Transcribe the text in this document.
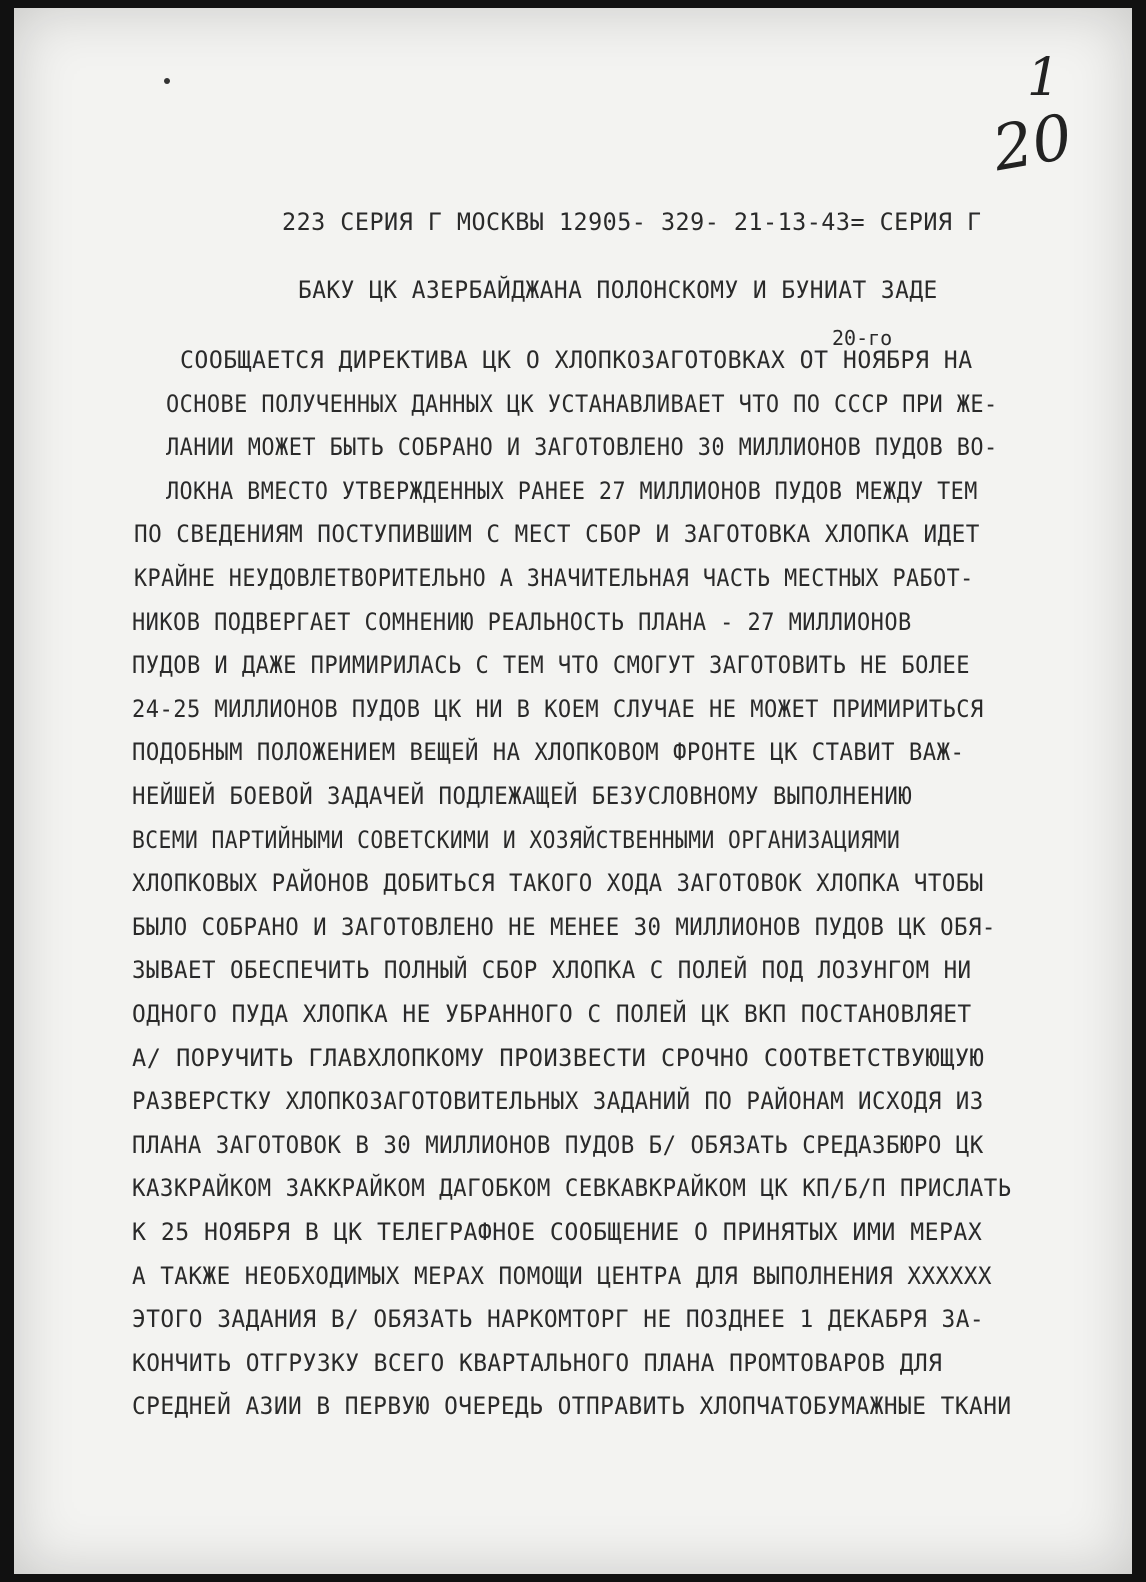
1
20
223 СЕРИЯ Г МОСКВЫ 12905- 329- 21-13-43= СЕРИЯ Г
БАКУ ЦК АЗЕРБАЙДЖАНА ПОЛОНСКОМУ И БУНИАТ ЗАДЕ
20-го
СООБЩАЕТСЯ ДИРЕКТИВА ЦК О ХЛОПКОЗАГОТОВКАХ ОТ НОЯБРЯ НА
ОСНОВЕ ПОЛУЧЕННЫХ ДАННЫХ ЦК УСТАНАВЛИВАЕТ ЧТО ПО СССР ПРИ ЖЕ-
ЛАНИИ МОЖЕТ БЫТЬ СОБРАНО И ЗАГОТОВЛЕНО 30 МИЛЛИОНОВ ПУДОВ ВО-
ЛОКНА ВМЕСТО УТВЕРЖДЕННЫХ РАНЕЕ 27 МИЛЛИОНОВ ПУДОВ МЕЖДУ ТЕМ
ПО СВЕДЕНИЯМ ПОСТУПИВШИМ С МЕСТ СБОР И ЗАГОТОВКА ХЛОПКА ИДЕТ
КРАЙНЕ НЕУДОВЛЕТВОРИТЕЛЬНО А ЗНАЧИТЕЛЬНАЯ ЧАСТЬ МЕСТНЫХ РАБОТ-
НИКОВ ПОДВЕРГАЕТ СОМНЕНИЮ РЕАЛЬНОСТЬ ПЛАНА - 27 МИЛЛИОНОВ
ПУДОВ И ДАЖЕ ПРИМИРИЛАСЬ С ТЕМ ЧТО СМОГУТ ЗАГОТОВИТЬ НЕ БОЛЕЕ
24-25 МИЛЛИОНОВ ПУДОВ ЦК НИ В КОЕМ СЛУЧАЕ НЕ МОЖЕТ ПРИМИРИТЬСЯ
ПОДОБНЫМ ПОЛОЖЕНИЕМ ВЕЩЕЙ НА ХЛОПКОВОМ ФРОНТЕ ЦК СТАВИТ ВАЖ-
НЕЙШЕЙ БОЕВОЙ ЗАДАЧЕЙ ПОДЛЕЖАЩЕЙ БЕЗУСЛОВНОМУ ВЫПОЛНЕНИЮ
ВСЕМИ ПАРТИЙНЫМИ СОВЕТСКИМИ И ХОЗЯЙСТВЕННЫМИ ОРГАНИЗАЦИЯМИ
ХЛОПКОВЫХ РАЙОНОВ ДОБИТЬСЯ ТАКОГО ХОДА ЗАГОТОВОК ХЛОПКА ЧТОБЫ
БЫЛО СОБРАНО И ЗАГОТОВЛЕНО НЕ МЕНЕЕ 30 МИЛЛИОНОВ ПУДОВ ЦК ОБЯ-
ЗЫВАЕТ ОБЕСПЕЧИТЬ ПОЛНЫЙ СБОР ХЛОПКА С ПОЛЕЙ ПОД ЛОЗУНГОМ НИ
ОДНОГО ПУДА ХЛОПКА НЕ УБРАННОГО С ПОЛЕЙ ЦК ВКП ПОСТАНОВЛЯЕТ
А/ ПОРУЧИТЬ ГЛАВХЛОПКОМУ ПРОИЗВЕСТИ СРОЧНО СООТВЕТСТВУЮЩУЮ
РАЗВЕРСТКУ ХЛОПКОЗАГОТОВИТЕЛЬНЫХ ЗАДАНИЙ ПО РАЙОНАМ ИСХОДЯ ИЗ
ПЛАНА ЗАГОТОВОК В 30 МИЛЛИОНОВ ПУДОВ Б/ ОБЯЗАТЬ СРЕДАЗБЮРО ЦК
КАЗКРАЙКОМ ЗАККРАЙКОМ ДАГОБКОМ СЕВКАВКРАЙКОМ ЦК КП/Б/П ПРИСЛАТЬ
К 25 НОЯБРЯ В ЦК ТЕЛЕГРАФНОЕ СООБЩЕНИЕ О ПРИНЯТЫХ ИМИ МЕРАХ
А ТАКЖЕ НЕОБХОДИМЫХ МЕРАХ ПОМОЩИ ЦЕНТРА ДЛЯ ВЫПОЛНЕНИЯ XXXXXX
ЭТОГО ЗАДАНИЯ В/ ОБЯЗАТЬ НАРКОМТОРГ НЕ ПОЗДНЕЕ 1 ДЕКАБРЯ ЗА-
КОНЧИТЬ ОТГРУЗКУ ВСЕГО КВАРТАЛЬНОГО ПЛАНА ПРОМТОВАРОВ ДЛЯ
СРЕДНЕЙ АЗИИ В ПЕРВУЮ ОЧЕРЕДЬ ОТПРАВИТЬ ХЛОПЧАТОБУМАЖНЫЕ ТКАНИ
